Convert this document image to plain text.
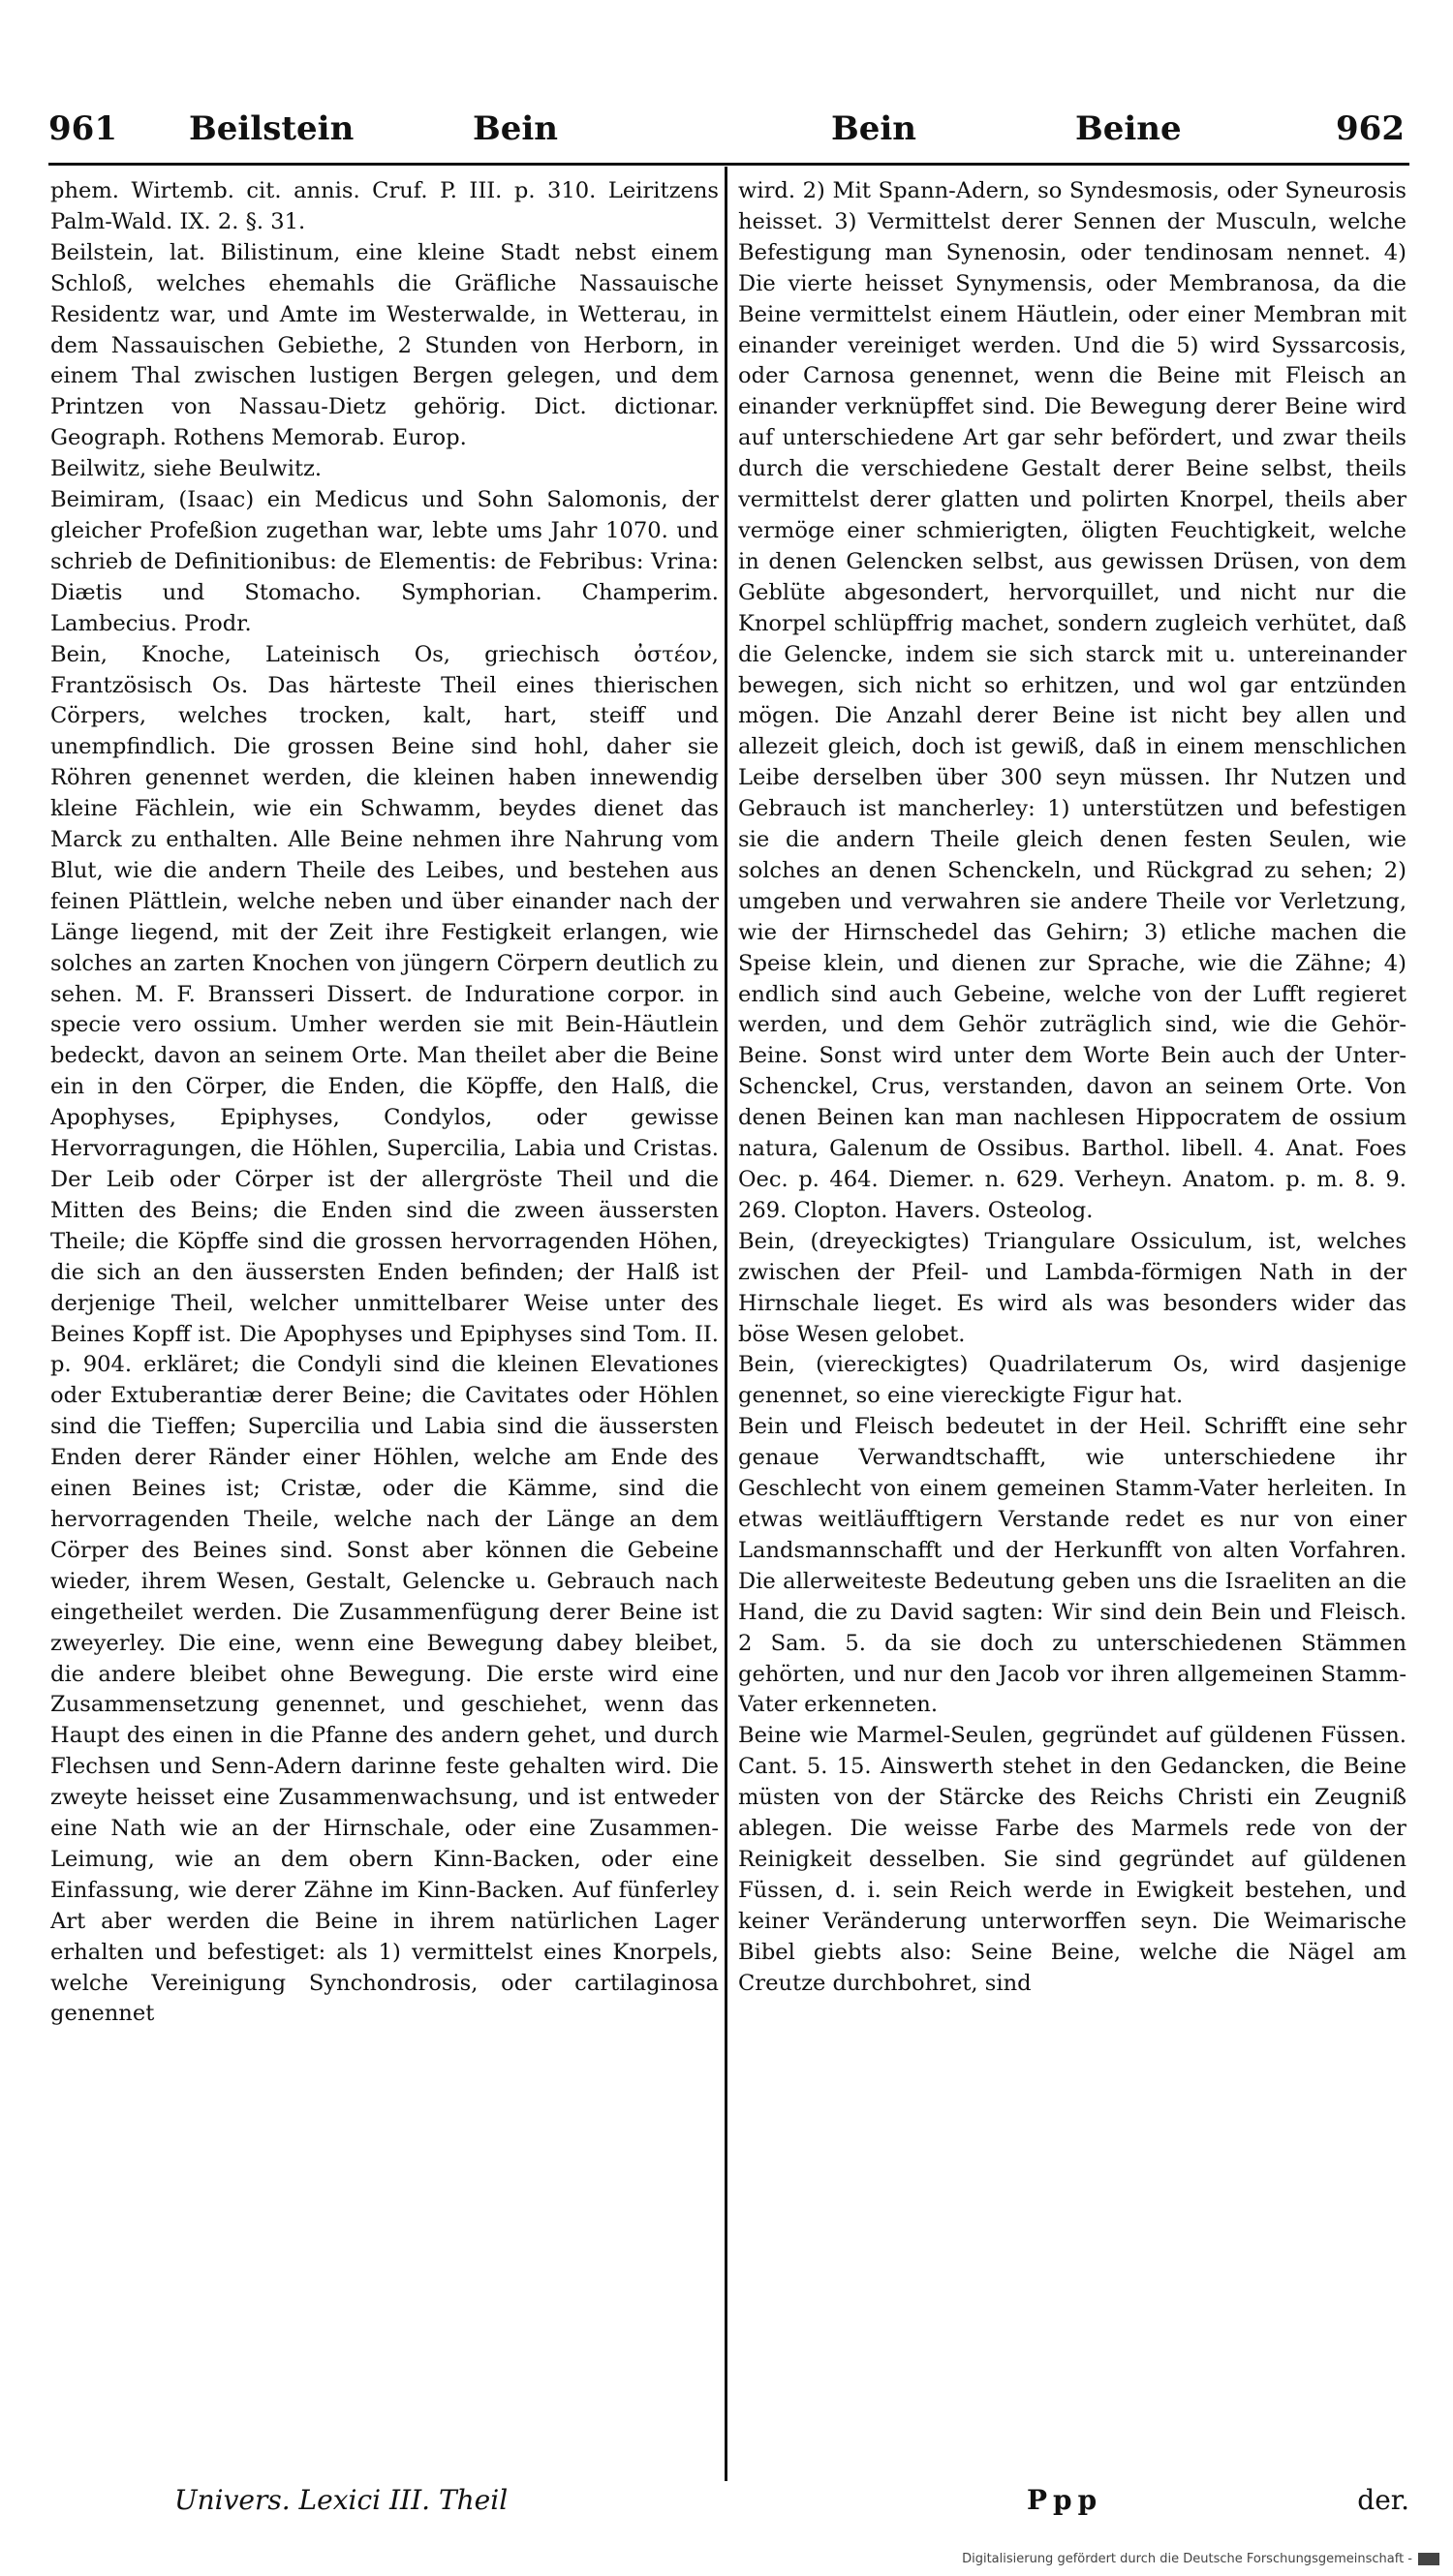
961 Beilstein	Bein	Bein	Beine	962

phem. Wirtemb. cit. annis. Cruf. P. III. p. 310. Leiritzens Palm-Wald. IX. 2. §. 31.

Beilstein, lat. Bilistinum, eine kleine Stadt nebst einem Schloß, welches ehemahls die Gräfliche Nassauische Residentz war, und Amte im Westerwalde, in Wetterau, in dem Nassauischen Gebiethe, 2 Stunden von Herborn, in einem Thal zwischen lustigen Bergen gelegen, und dem Printzen von Nassau-Dietz gehörig. Dict. dictionar. Geograph. Rothens Memorab. Europ.

Beilwitz, siehe Beulwitz.

Beimiram, (Isaac) ein Medicus und Sohn Salomonis, der gleicher Profeßion zugethan war, lebte ums Jahr 1070. und schrieb de Definitionibus: de Elementis: de Febribus: Vrina: Diætis und Stomacho. Symphorian. Champerim. Lambecius. Prodr.

Bein, Knoche, Lateinisch Os, griechisch ὀστέον, Frantzösisch Os. Das härteste Theil eines thierischen Cörpers, welches trocken, kalt, hart, steiff und unempfindlich. Die grossen Beine sind hohl, daher sie Röhren genennet werden, die kleinen haben innewendig kleine Fächlein, wie ein Schwamm, beydes dienet das Marck zu enthalten. Alle Beine nehmen ihre Nahrung vom Blut, wie die andern Theile des Leibes, und bestehen aus feinen Plättlein, welche neben und über einander nach der Länge liegend, mit der Zeit ihre Festigkeit erlangen, wie solches an zarten Knochen von jüngern Cörpern deutlich zu sehen. M. F. Bransseri Dissert. de Induratione corpor. in specie vero ossium. Umher werden sie mit Bein-Häutlein bedeckt, davon an seinem Orte. Man theilet aber die Beine ein in den Cörper, die Enden, die Köpffe, den Halß, die Apophyses, Epiphyses, Condylos, oder gewisse Hervorragungen, die Höhlen, Supercilia, Labia und Cristas. Der Leib oder Cörper ist der allergröste Theil und die Mitten des Beins; die Enden sind die zween äussersten Theile; die Köpffe sind die grossen hervorragenden Höhen, die sich an den äussersten Enden befinden; der Halß ist derjenige Theil, welcher unmittelbarer Weise unter des Beines Kopff ist. Die Apophyses und Epiphyses sind Tom. II. p. 904. erkläret; die Condyli sind die kleinen Elevationes oder Extuberantiæ derer Beine; die Cavitates oder Höhlen sind die Tieffen; Supercilia und Labia sind die äussersten Enden derer Ränder einer Höhlen, welche am Ende des einen Beines ist; Cristæ, oder die Kämme, sind die hervorragenden Theile, welche nach der Länge an dem Cörper des Beines sind. Sonst aber können die Gebeine wieder, ihrem Wesen, Gestalt, Gelencke u. Gebrauch nach eingetheilet werden. Die Zusammenfügung derer Beine ist zweyerley. Die eine, wenn eine Bewegung dabey bleibet, die andere bleibet ohne Bewegung. Die erste wird eine Zusammensetzung genennet, und geschiehet, wenn das Haupt des einen in die Pfanne des andern gehet, und durch Flechsen und Senn-Adern darinne feste gehalten wird. Die zweyte heisset eine Zusammenwachsung, und ist entweder eine Nath wie an der Hirnschale, oder eine Zusammen-Leimung, wie an dem obern Kinn-Backen, oder eine Einfassung, wie derer Zähne im Kinn-Backen. Auf fünferley Art aber werden die Beine in ihrem natürlichen Lager erhalten und befestiget: als 1) vermittelst eines Knorpels, welche Vereinigung Synchondrosis, oder cartilaginosa genennet

wird. 2) Mit Spann-Adern, so Syndesmosis, oder Syneurosis heisset. 3) Vermittelst derer Sennen der Musculn, welche Befestigung man Synenosin, oder tendinosam nennet. 4) Die vierte heisset Synymensis, oder Membranosa, da die Beine vermittelst einem Häutlein, oder einer Membran mit einander vereiniget werden. Und die 5) wird Syssarcosis, oder Carnosa genennet, wenn die Beine mit Fleisch an einander verknüpffet sind. Die Bewegung derer Beine wird auf unterschiedene Art gar sehr befördert, und zwar theils durch die verschiedene Gestalt derer Beine selbst, theils vermittelst derer glatten und polirten Knorpel, theils aber vermöge einer schmierigten, öligten Feuchtigkeit, welche in denen Gelencken selbst, aus gewissen Drüsen, von dem Geblüte abgesondert, hervorquillet, und nicht nur die Knorpel schlüpffrig machet, sondern zugleich verhütet, daß die Gelencke, indem sie sich starck mit u. untereinander bewegen, sich nicht so erhitzen, und wol gar entzünden mögen. Die Anzahl derer Beine ist nicht bey allen und allezeit gleich, doch ist gewiß, daß in einem menschlichen Leibe derselben über 300 seyn müssen. Ihr Nutzen und Gebrauch ist mancherley: 1) unterstützen und befestigen sie die andern Theile gleich denen festen Seulen, wie solches an denen Schenckeln, und Rückgrad zu sehen; 2) umgeben und verwahren sie andere Theile vor Verletzung, wie der Hirnschedel das Gehirn; 3) etliche machen die Speise klein, und dienen zur Sprache, wie die Zähne; 4) endlich sind auch Gebeine, welche von der Lufft regieret werden, und dem Gehör zuträglich sind, wie die Gehör-Beine. Sonst wird unter dem Worte Bein auch der Unter-Schenckel, Crus, verstanden, davon an seinem Orte. Von denen Beinen kan man nachlesen Hippocratem de ossium natura, Galenum de Ossibus. Barthol. libell. 4. Anat. Foes Oec. p. 464. Diemer. n. 629. Verheyn. Anatom. p. m. 8. 9. 269. Clopton. Havers. Osteolog.

Bein, (dreyeckigtes) Triangulare Ossiculum, ist, welches zwischen der Pfeil- und Lambda-förmigen Nath in der Hirnschale lieget. Es wird als was besonders wider das böse Wesen gelobet.

Bein, (viereckigtes) Quadrilaterum Os, wird dasjenige genennet, so eine viereckigte Figur hat.

Bein und Fleisch bedeutet in der Heil. Schrifft eine sehr genaue Verwandtschafft, wie unterschiedene ihr Geschlecht von einem gemeinen Stamm-Vater herleiten. In etwas weitläufftigern Verstande redet es nur von einer Landsmannschafft und der Herkunfft von alten Vorfahren. Die allerweiteste Bedeutung geben uns die Israeliten an die Hand, die zu David sagten: Wir sind dein Bein und Fleisch. 2 Sam. 5. da sie doch zu unterschiedenen Stämmen gehörten, und nur den Jacob vor ihren allgemeinen Stamm-Vater erkenneten.

Beine wie Marmel-Seulen, gegründet auf güldenen Füssen. Cant. 5. 15. Ainswerth stehet in den Gedancken, die Beine müsten von der Stärcke des Reichs Christi ein Zeugniß ablegen. Die weisse Farbe des Marmels rede von der Reinigkeit desselben. Sie sind gegründet auf güldenen Füssen, d. i. sein Reich werde in Ewigkeit bestehen, und keiner Veränderung unterworffen seyn. Die Weimarische Bibel giebts also: Seine Beine, welche die Nägel am Creutze durchbohret, sind

Univers. Lexici III. Theil	Ppp	der.
Digitalisierung gefördert durch die Deutsche Forschungsgemeinschaft -
